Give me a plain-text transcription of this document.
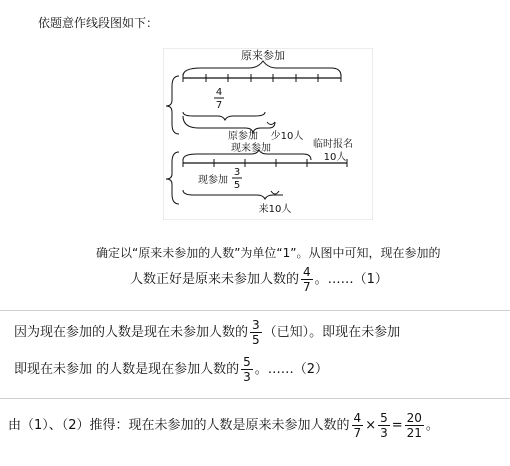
依题意作线段图如下：
原来参加
4
7
原参加 少10人
现来参加	临时报名
10人
现参加
3
5
来10人
确定以“原来未参加的人数”为单位“1”。从图中可知，现在参加的
人数正好是原来未参加人数的 $\frac{4}{7}$ 。……（1）
因为现在参加的人数是现在未参加人数的 $\frac{3}{5}$ （已知）。即现在未参加
即现在未参加 的人数是现在参加人数的 $\frac{5}{3}$ 。……（2）
由（1）、（2）推得：现在未参加的人数是原来未参加人数的 $\frac{4}{7} \times \frac{5}{3} = \frac{20}{21}$ 。
